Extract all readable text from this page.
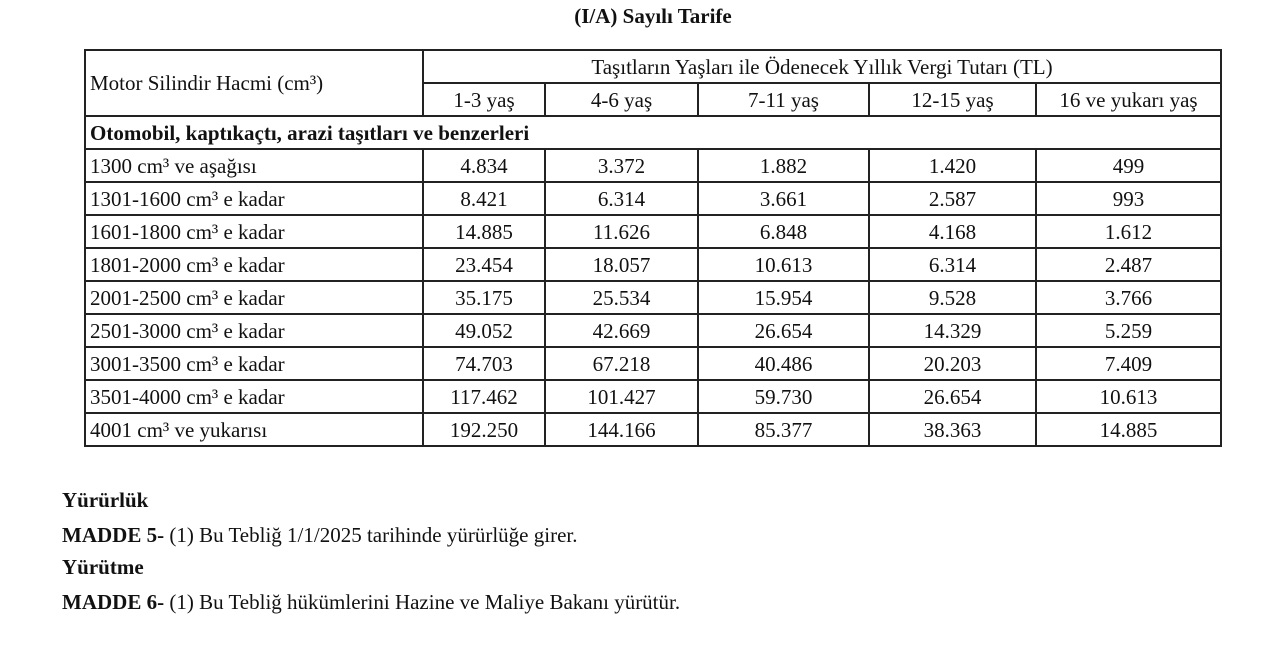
(I/A) Sayılı Tarife
Motor Silindir Hacmi (cm³)	Taşıtların Yaşları ile Ödenecek Yıllık Vergi Tutarı (TL)				
	1-3 yaş	4-6 yaş	7-11 yaş	12-15 yaş	16 ve yukarı yaş
Otomobil, kaptıkaçtı, arazi taşıtları ve benzerleri					
1300 cm³ ve aşağısı	4.834	3.372	1.882	1.420	499
1301-1600 cm³ e kadar	8.421	6.314	3.661	2.587	993
1601-1800 cm³ e kadar	14.885	11.626	6.848	4.168	1.612
1801-2000 cm³ e kadar	23.454	18.057	10.613	6.314	2.487
2001-2500 cm³ e kadar	35.175	25.534	15.954	9.528	3.766
2501-3000 cm³ e kadar	49.052	42.669	26.654	14.329	5.259
3001-3500 cm³ e kadar	74.703	67.218	40.486	20.203	7.409
3501-4000 cm³ e kadar	117.462	101.427	59.730	26.654	10.613
4001 cm³ ve yukarısı	192.250	144.166	85.377	38.363	14.885
Yürürlük
MADDE 5- (1) Bu Tebliğ 1/1/2025 tarihinde yürürlüğe girer.
Yürütme
MADDE 6- (1) Bu Tebliğ hükümlerini Hazine ve Maliye Bakanı yürütür.
